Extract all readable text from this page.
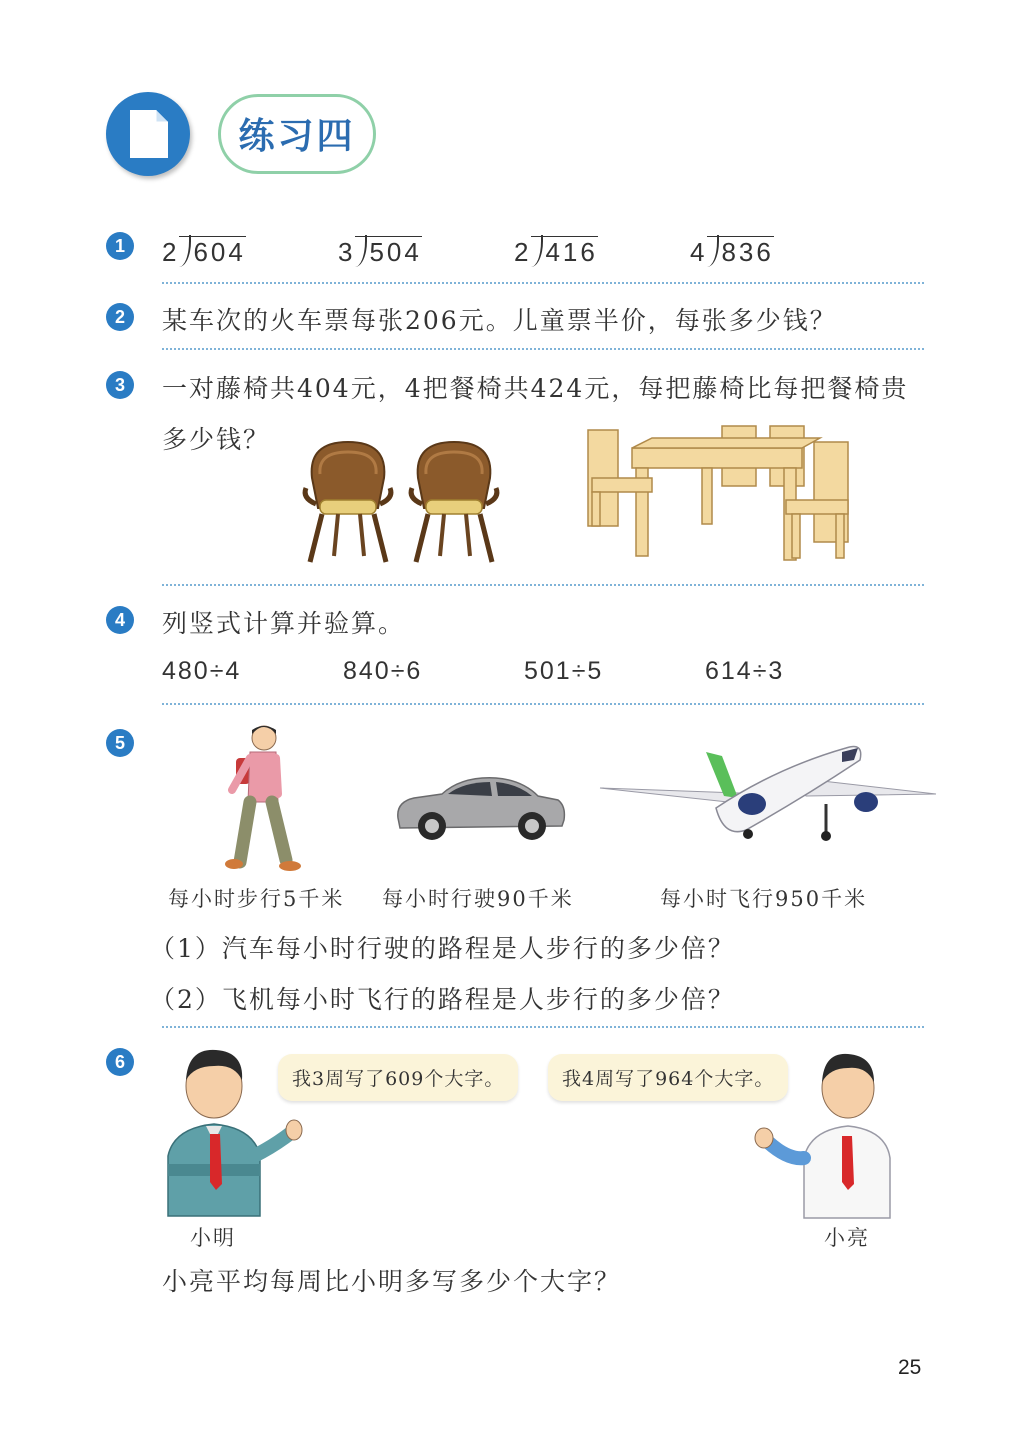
练习四
1	2 604	3 504	2 416	4 836
2	某车次的火车票每张206元。儿童票半价，每张多少钱？
3	一对藤椅共404元，4把餐椅共424元，每把藤椅比每把餐椅贵
多少钱？
4	列竖式计算并验算。
480÷4	840÷6	501÷5	614÷3
5
每小时步行5千米 每小时行驶90千米	每小时飞行950千米
（1）汽车每小时行驶的路程是人步行的多少倍？
（2）飞机每小时飞行的路程是人步行的多少倍？
6
我3周写了609个大字。	我4周写了964个大字。
小明	小亮
小亮平均每周比小明多写多少个大字？
25
